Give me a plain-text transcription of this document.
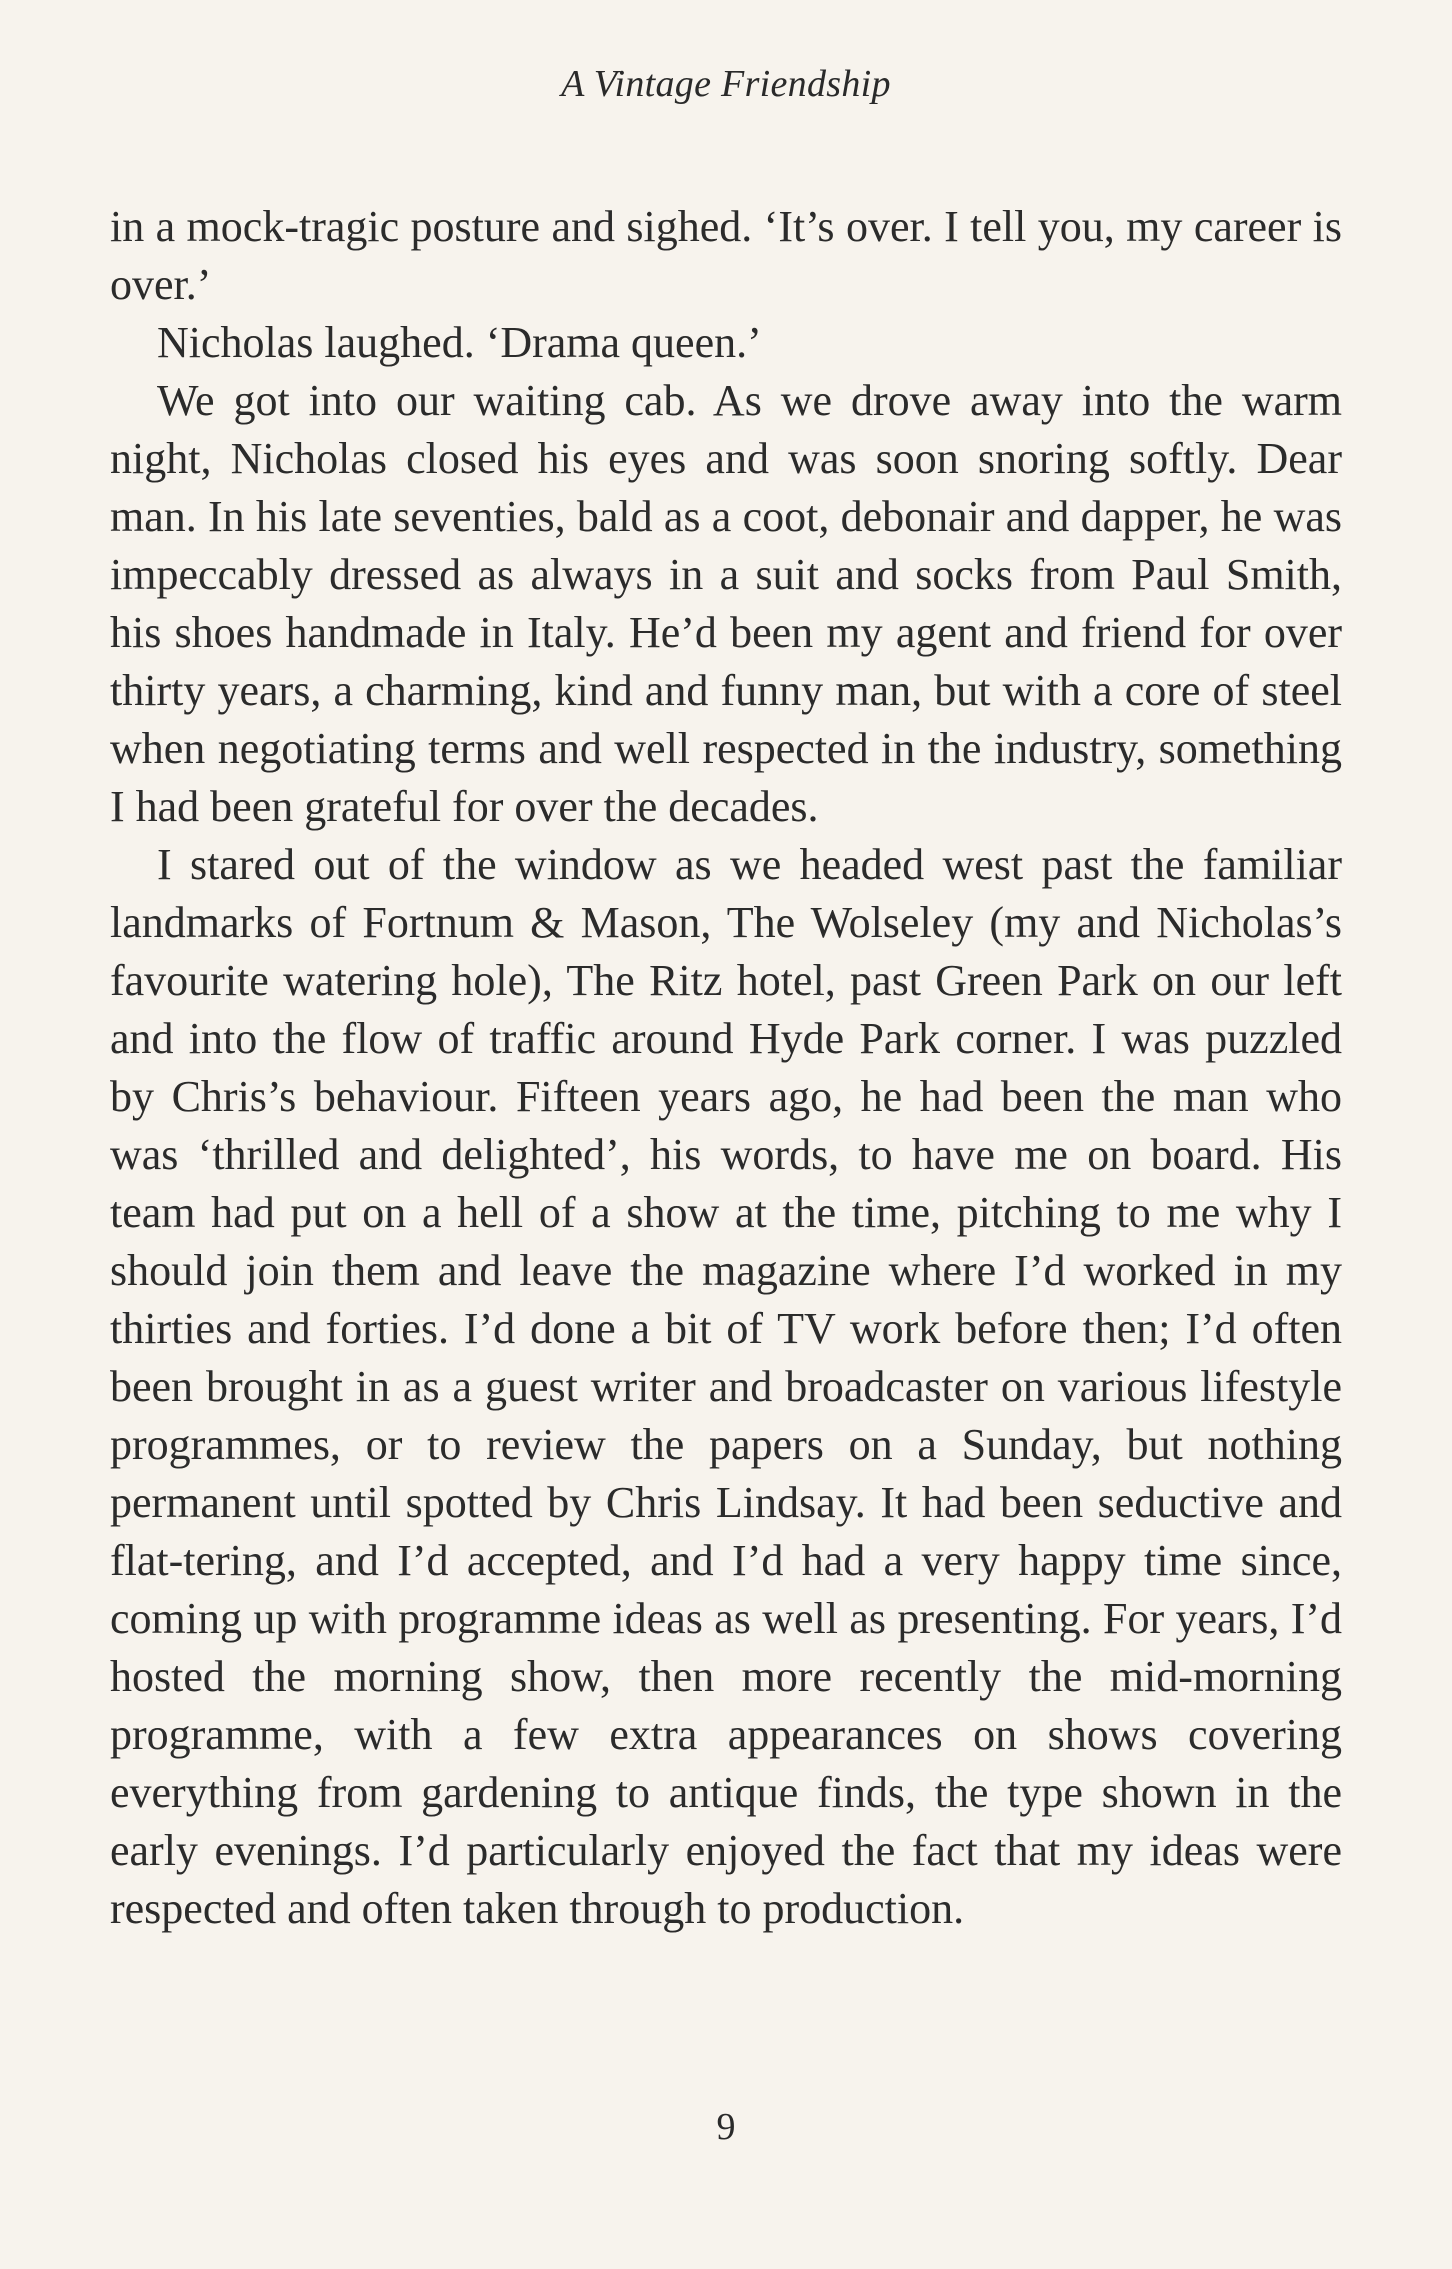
A Vintage Friendship

in a mock-tragic posture and sighed. ‘It’s over. I tell you, my career is over.’

Nicholas laughed. ‘Drama queen.’

We got into our waiting cab. As we drove away into the warm night, Nicholas closed his eyes and was soon snoring softly. Dear man. In his late seventies, bald as a coot, debonair and dapper, he was impeccably dressed as always in a suit and socks from Paul Smith, his shoes handmade in Italy. He’d been my agent and friend for over thirty years, a charming, kind and funny man, but with a core of steel when negotiating terms and well respected in the industry, something I had been grateful for over the decades.

I stared out of the window as we headed west past the familiar landmarks of Fortnum & Mason, The Wolseley (my and Nicholas’s favourite watering hole), The Ritz hotel, past Green Park on our left and into the flow of traffic around Hyde Park corner. I was puzzled by Chris’s behaviour. Fifteen years ago, he had been the man who was ‘thrilled and delighted’, his words, to have me on board. His team had put on a hell of a show at the time, pitching to me why I should join them and leave the magazine where I’d worked in my thirties and forties. I’d done a bit of TV work before then; I’d often been brought in as a guest writer and broadcaster on various lifestyle programmes, or to review the papers on a Sunday, but nothing permanent until spotted by Chris Lindsay. It had been seductive and flat-tering, and I’d accepted, and I’d had a very happy time since, coming up with programme ideas as well as presenting. For years, I’d hosted the morning show, then more recently the mid-morning programme, with a few extra appearances on shows covering everything from gardening to antique finds, the type shown in the early evenings. I’d particularly enjoyed the fact that my ideas were respected and often taken through to production.

9
